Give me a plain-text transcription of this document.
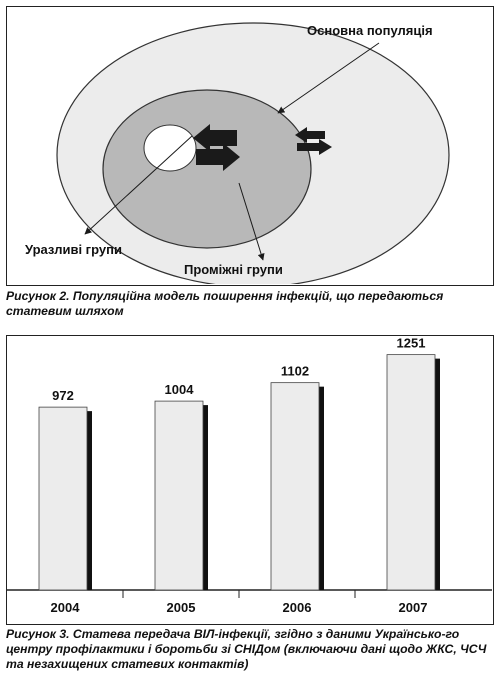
Основна популяція
Уразливі групи
Проміжні групи
Рисунок 2. Популяційна модель поширення інфекцій, що передаються статевим шляхом
972
2004
1004
2005
1102
2006
1251
2007
Рисунок 3. Статева передача ВІЛ-інфекції, згідно з даними Українсько-го центру профілактики і боротьби зі СНІДом (включаючи дані щодо ЖКС, ЧСЧ та незахищених статевих контактів)
